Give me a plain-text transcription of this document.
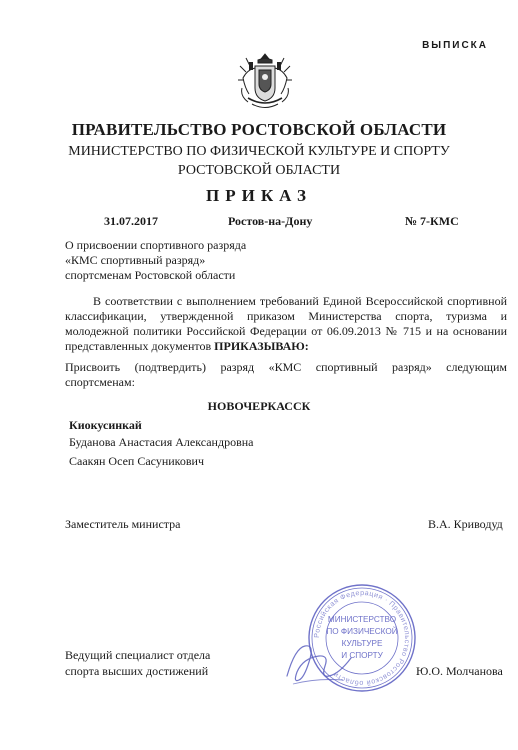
ВЫПИСКА
ПРАВИТЕЛЬСТВО РОСТОВСКОЙ ОБЛАСТИ
МИНИСТЕРСТВО ПО ФИЗИЧЕСКОЙ КУЛЬТУРЕ И СПОРТУ
РОСТОВСКОЙ ОБЛАСТИ
ПРИКАЗ
31.07.2017	Ростов-на-Дону	№ 7-КМС
О присвоении спортивного разряда
«КМС спортивный разряд»
спортсменам Ростовской области
В соответствии с выполнением требований Единой Всероссийской спортивной классификации, утвержденной приказом Министерства спорта, туризма и молодежной политики Российской Федерации от 06.09.2013 № 715 и на основании представленных документов ПРИКАЗЫВАЮ:
Присвоить (подтвердить) разряд «КМС спортивный разряд» следующим спортсменам:
НОВОЧЕРКАССК
Киокусинкай
Буданова Анастасия Александровна
Саакян Осеп Сасуникович
Заместитель министра	В.А. Криводуд
Ведущий специалист отдела
спорта высших достижений	Ю.О. Молчанова
Российская Федерация · Правительство Ростовской области
МИНИСТЕРСТВО
ПО ФИЗИЧЕСКОЙ
КУЛЬТУРЕ
И СПОРТУ
